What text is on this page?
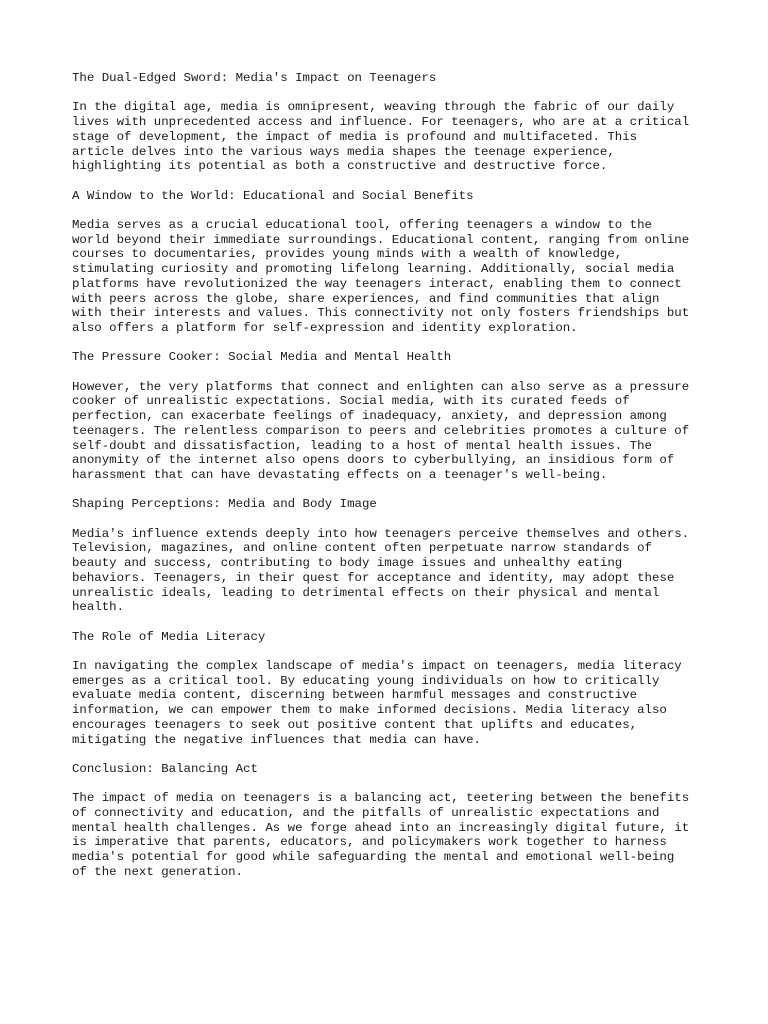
The Dual-Edged Sword: Media's Impact on Teenagers

In the digital age, media is omnipresent, weaving through the fabric of our daily
lives with unprecedented access and influence. For teenagers, who are at a critical
stage of development, the impact of media is profound and multifaceted. This
article delves into the various ways media shapes the teenage experience,
highlighting its potential as both a constructive and destructive force.

A Window to the World: Educational and Social Benefits

Media serves as a crucial educational tool, offering teenagers a window to the
world beyond their immediate surroundings. Educational content, ranging from online
courses to documentaries, provides young minds with a wealth of knowledge,
stimulating curiosity and promoting lifelong learning. Additionally, social media
platforms have revolutionized the way teenagers interact, enabling them to connect
with peers across the globe, share experiences, and find communities that align
with their interests and values. This connectivity not only fosters friendships but
also offers a platform for self-expression and identity exploration.

The Pressure Cooker: Social Media and Mental Health

However, the very platforms that connect and enlighten can also serve as a pressure
cooker of unrealistic expectations. Social media, with its curated feeds of
perfection, can exacerbate feelings of inadequacy, anxiety, and depression among
teenagers. The relentless comparison to peers and celebrities promotes a culture of
self-doubt and dissatisfaction, leading to a host of mental health issues. The
anonymity of the internet also opens doors to cyberbullying, an insidious form of
harassment that can have devastating effects on a teenager's well-being.

Shaping Perceptions: Media and Body Image

Media's influence extends deeply into how teenagers perceive themselves and others.
Television, magazines, and online content often perpetuate narrow standards of
beauty and success, contributing to body image issues and unhealthy eating
behaviors. Teenagers, in their quest for acceptance and identity, may adopt these
unrealistic ideals, leading to detrimental effects on their physical and mental
health.

The Role of Media Literacy

In navigating the complex landscape of media's impact on teenagers, media literacy
emerges as a critical tool. By educating young individuals on how to critically
evaluate media content, discerning between harmful messages and constructive
information, we can empower them to make informed decisions. Media literacy also
encourages teenagers to seek out positive content that uplifts and educates,
mitigating the negative influences that media can have.

Conclusion: Balancing Act

The impact of media on teenagers is a balancing act, teetering between the benefits
of connectivity and education, and the pitfalls of unrealistic expectations and
mental health challenges. As we forge ahead into an increasingly digital future, it
is imperative that parents, educators, and policymakers work together to harness
media's potential for good while safeguarding the mental and emotional well-being
of the next generation.
